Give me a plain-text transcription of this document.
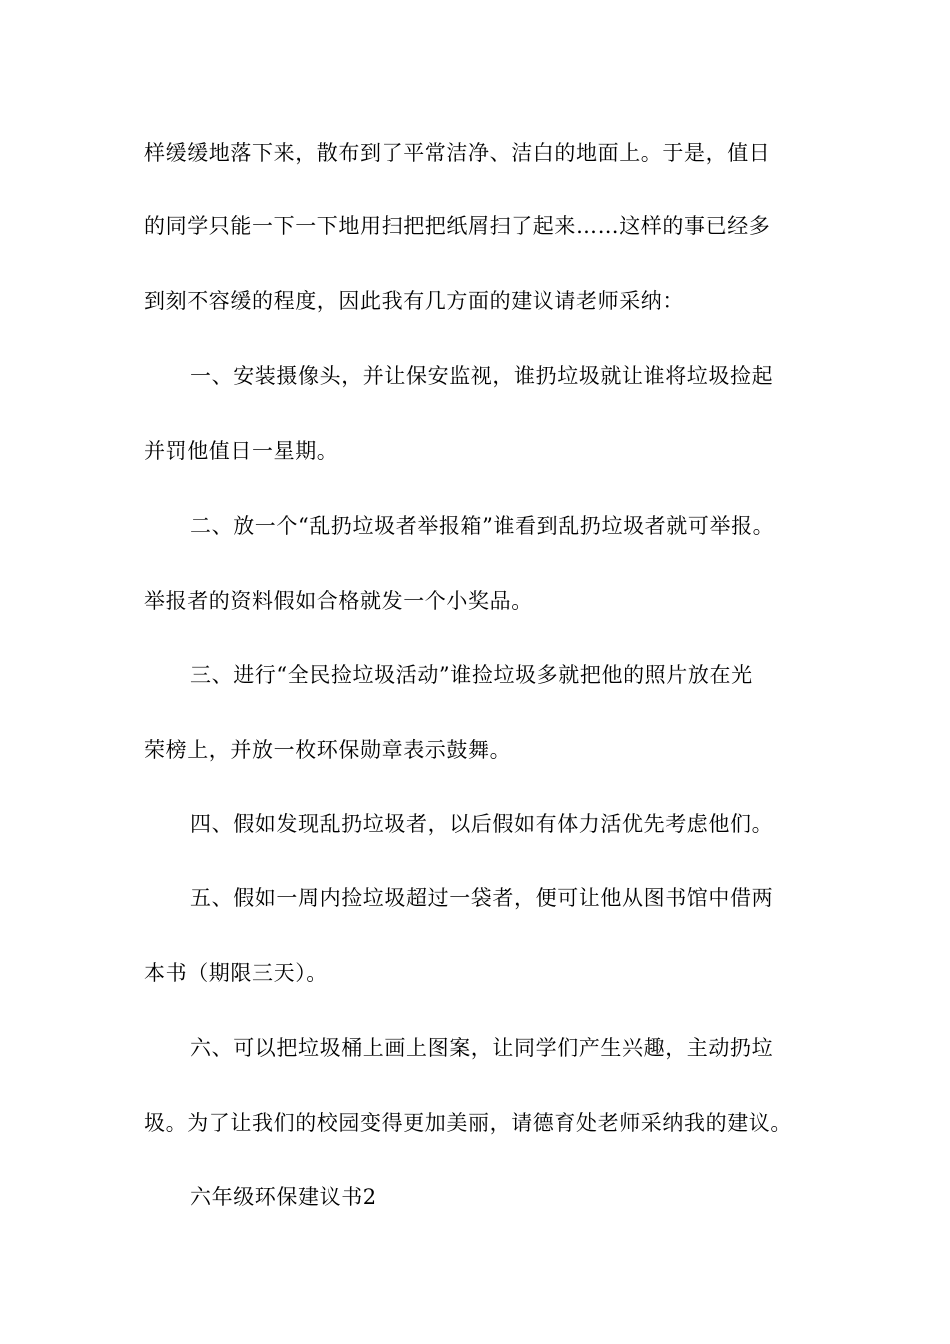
样缓缓地落下来，散布到了平常洁净、洁白的地面上。于是，值日
的同学只能一下一下地用扫把把纸屑扫了起来……这样的事已经多
到刻不容缓的程度，因此我有几方面的建议请老师采纳：
一、安装摄像头，并让保安监视，谁扔垃圾就让谁将垃圾捡起
并罚他值日一星期。
二、放一个“乱扔垃圾者举报箱”谁看到乱扔垃圾者就可举报。
举报者的资料假如合格就发一个小奖品。
三、进行“全民捡垃圾活动”谁捡垃圾多就把他的照片放在光
荣榜上，并放一枚环保勋章表示鼓舞。
四、假如发现乱扔垃圾者，以后假如有体力活优先考虑他们。
五、假如一周内捡垃圾超过一袋者，便可让他从图书馆中借两
本书（期限三天）。
六、可以把垃圾桶上画上图案，让同学们产生兴趣，主动扔垃
圾。为了让我们的校园变得更加美丽，请德育处老师采纳我的建议。
六年级环保建议书2
